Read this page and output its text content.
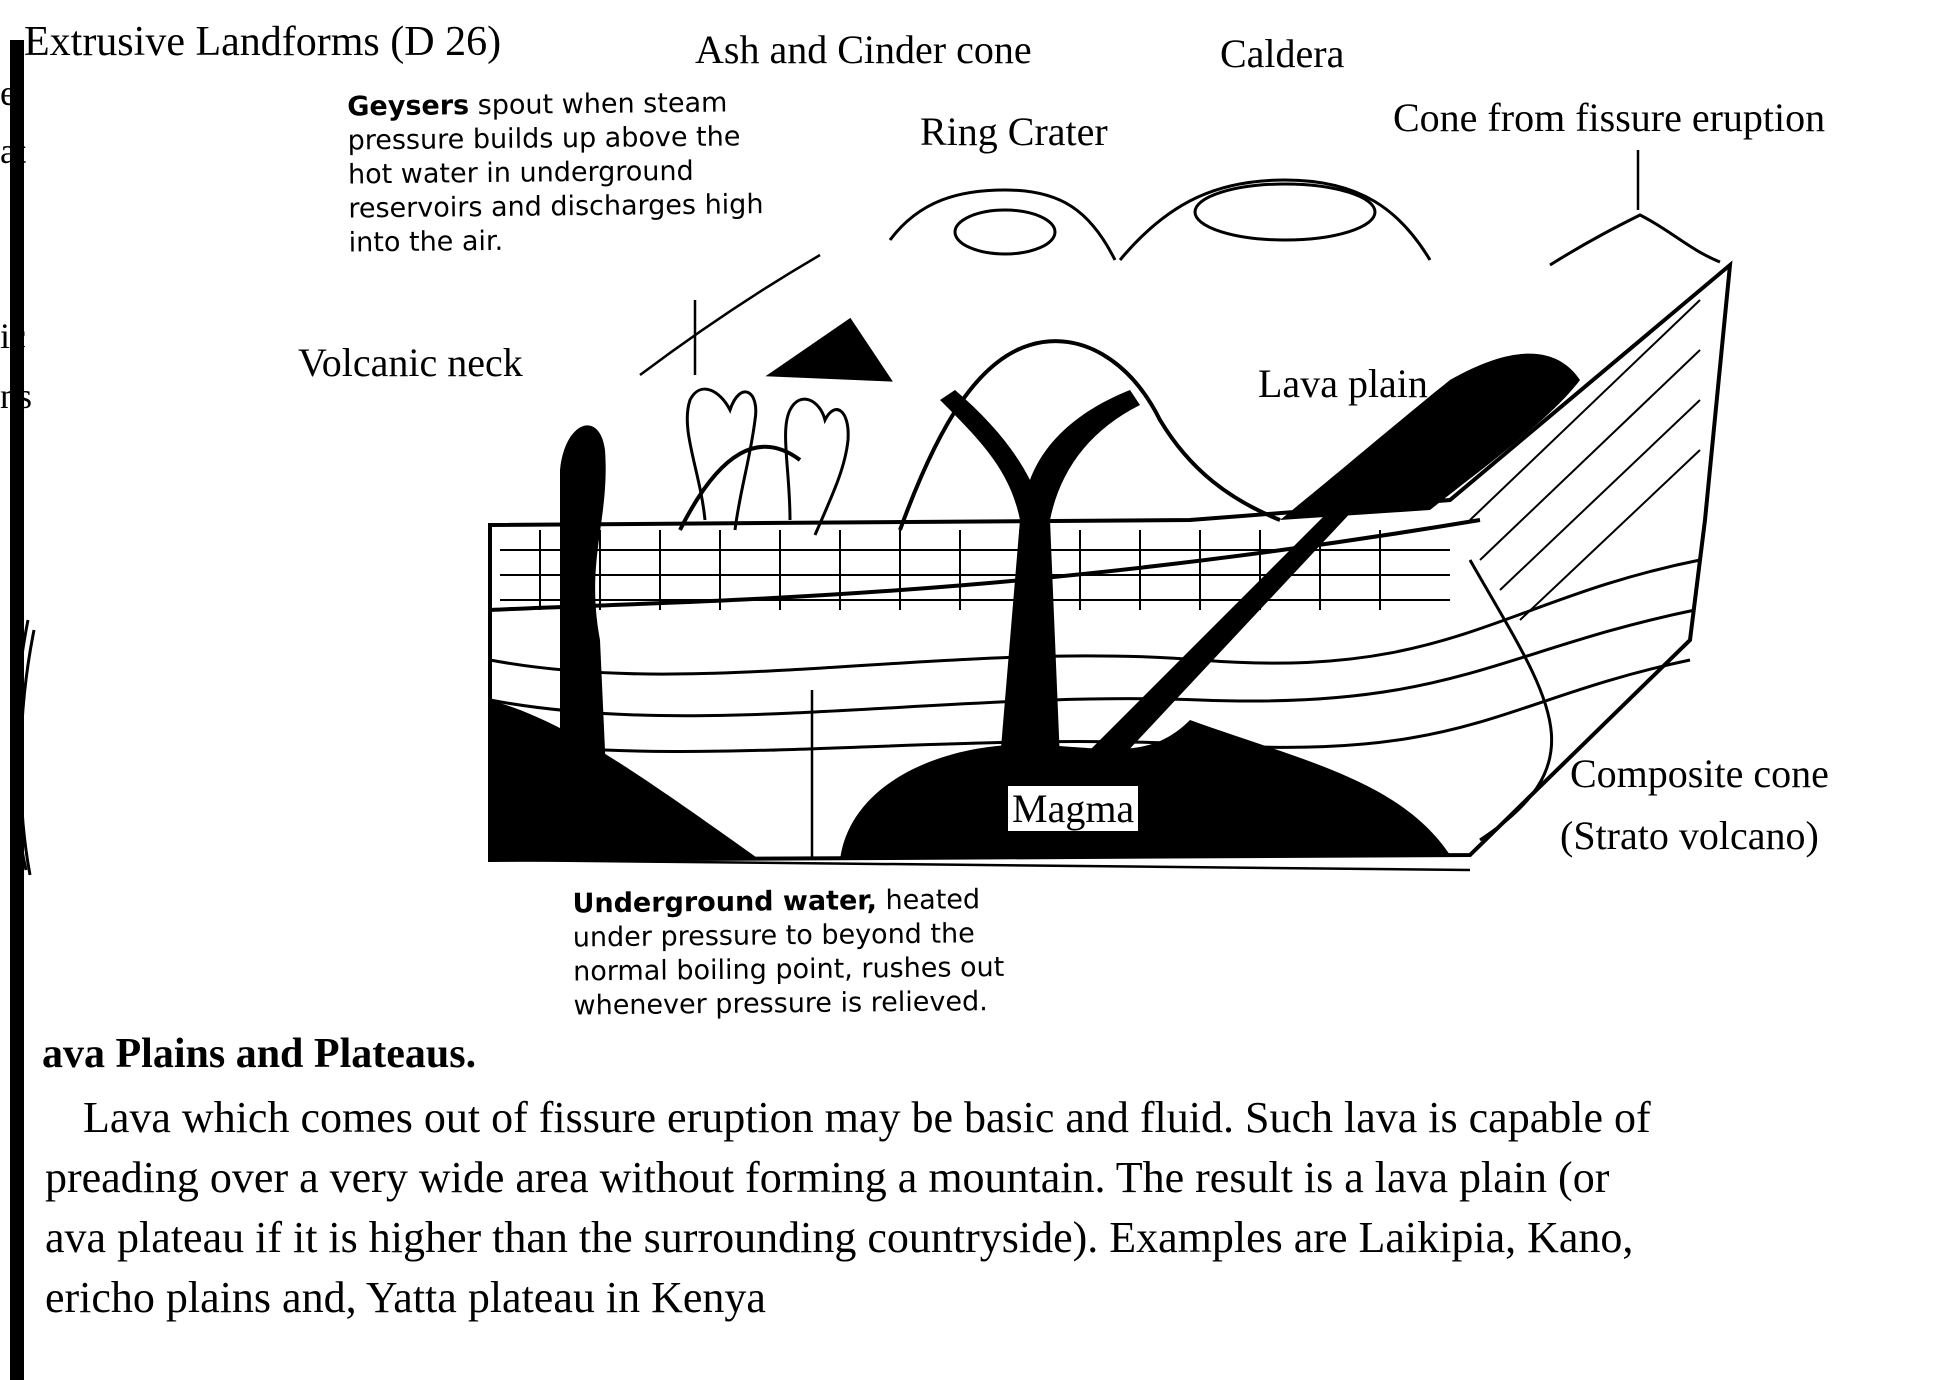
e
at
ic
ns
Extrusive Landforms (D 26)	Ash and Cinder cone	Caldera
Ring Crater	Cone from fissure eruption
Volcanic neck	Lava plain
Magma
Composite cone
(Strato volcano)
Geysers spout when steam
pressure builds up above the
hot water in underground
reservoirs and discharges high
into the air.
Underground water, heated
under pressure to beyond the
normal boiling point, rushes out
whenever pressure is relieved.
ava Plains and Plateaus.
Lava which comes out of fissure eruption may be basic and fluid. Such lava is capable of
preading over a very wide area without forming a mountain. The result is a lava plain (or
ava plateau if it is higher than the surrounding countryside). Examples are Laikipia, Kano,
ericho plains and, Yatta plateau in Kenya
